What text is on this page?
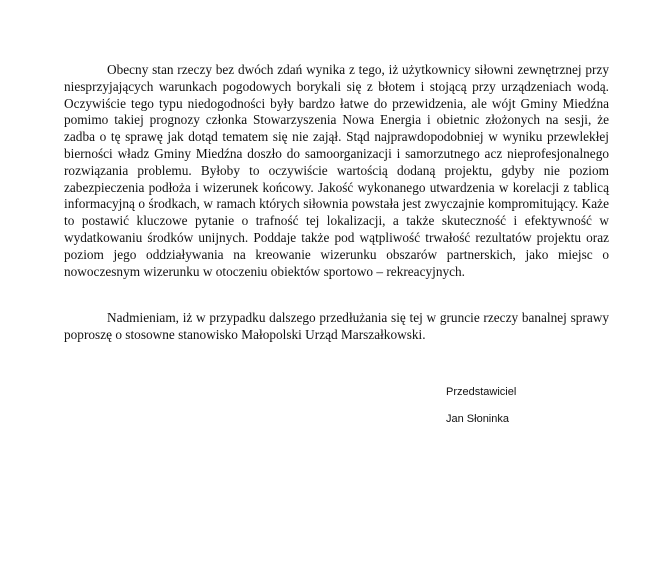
Obecny stan rzeczy bez dwóch zdań wynika z tego, iż użytkownicy siłowni zewnętrznej przy niesprzyjających warunkach pogodowych borykali się z błotem i stojącą przy urządzeniach wodą. Oczywiście tego typu niedogodności były bardzo łatwe do przewidzenia, ale wójt Gminy Miedźna pomimo takiej prognozy członka Stowarzyszenia Nowa Energia i obietnic złożonych na sesji, że zadba o tę sprawę jak dotąd tematem się nie zajął. Stąd najprawdopodobniej w wyniku przewlekłej bierności władz Gminy Miedźna doszło do samoorganizacji i samorzutnego acz nieprofesjonalnego rozwiązania problemu. Byłoby to oczywiście wartością dodaną projektu, gdyby nie poziom zabezpieczenia podłoża i wizerunek końcowy. Jakość wykonanego utwardzenia w korelacji z tablicą informacyjną o środkach, w ramach których siłownia powstała jest zwyczajnie kompromitujący. Każe to postawić kluczowe pytanie o trafność tej lokalizacji, a także skuteczność i efektywność w wydatkowaniu środków unijnych. Poddaje także pod wątpliwość trwałość rezultatów projektu oraz poziom jego oddziaływania na kreowanie wizerunku obszarów partnerskich, jako miejsc o nowoczesnym wizerunku w otoczeniu obiektów sportowo – rekreacyjnych.

Nadmieniam, iż w przypadku dalszego przedłużania się tej w gruncie rzeczy banalnej sprawy poproszę o stosowne stanowisko Małopolski Urząd Marszałkowski.

Przedstawiciel

Jan Słoninka
